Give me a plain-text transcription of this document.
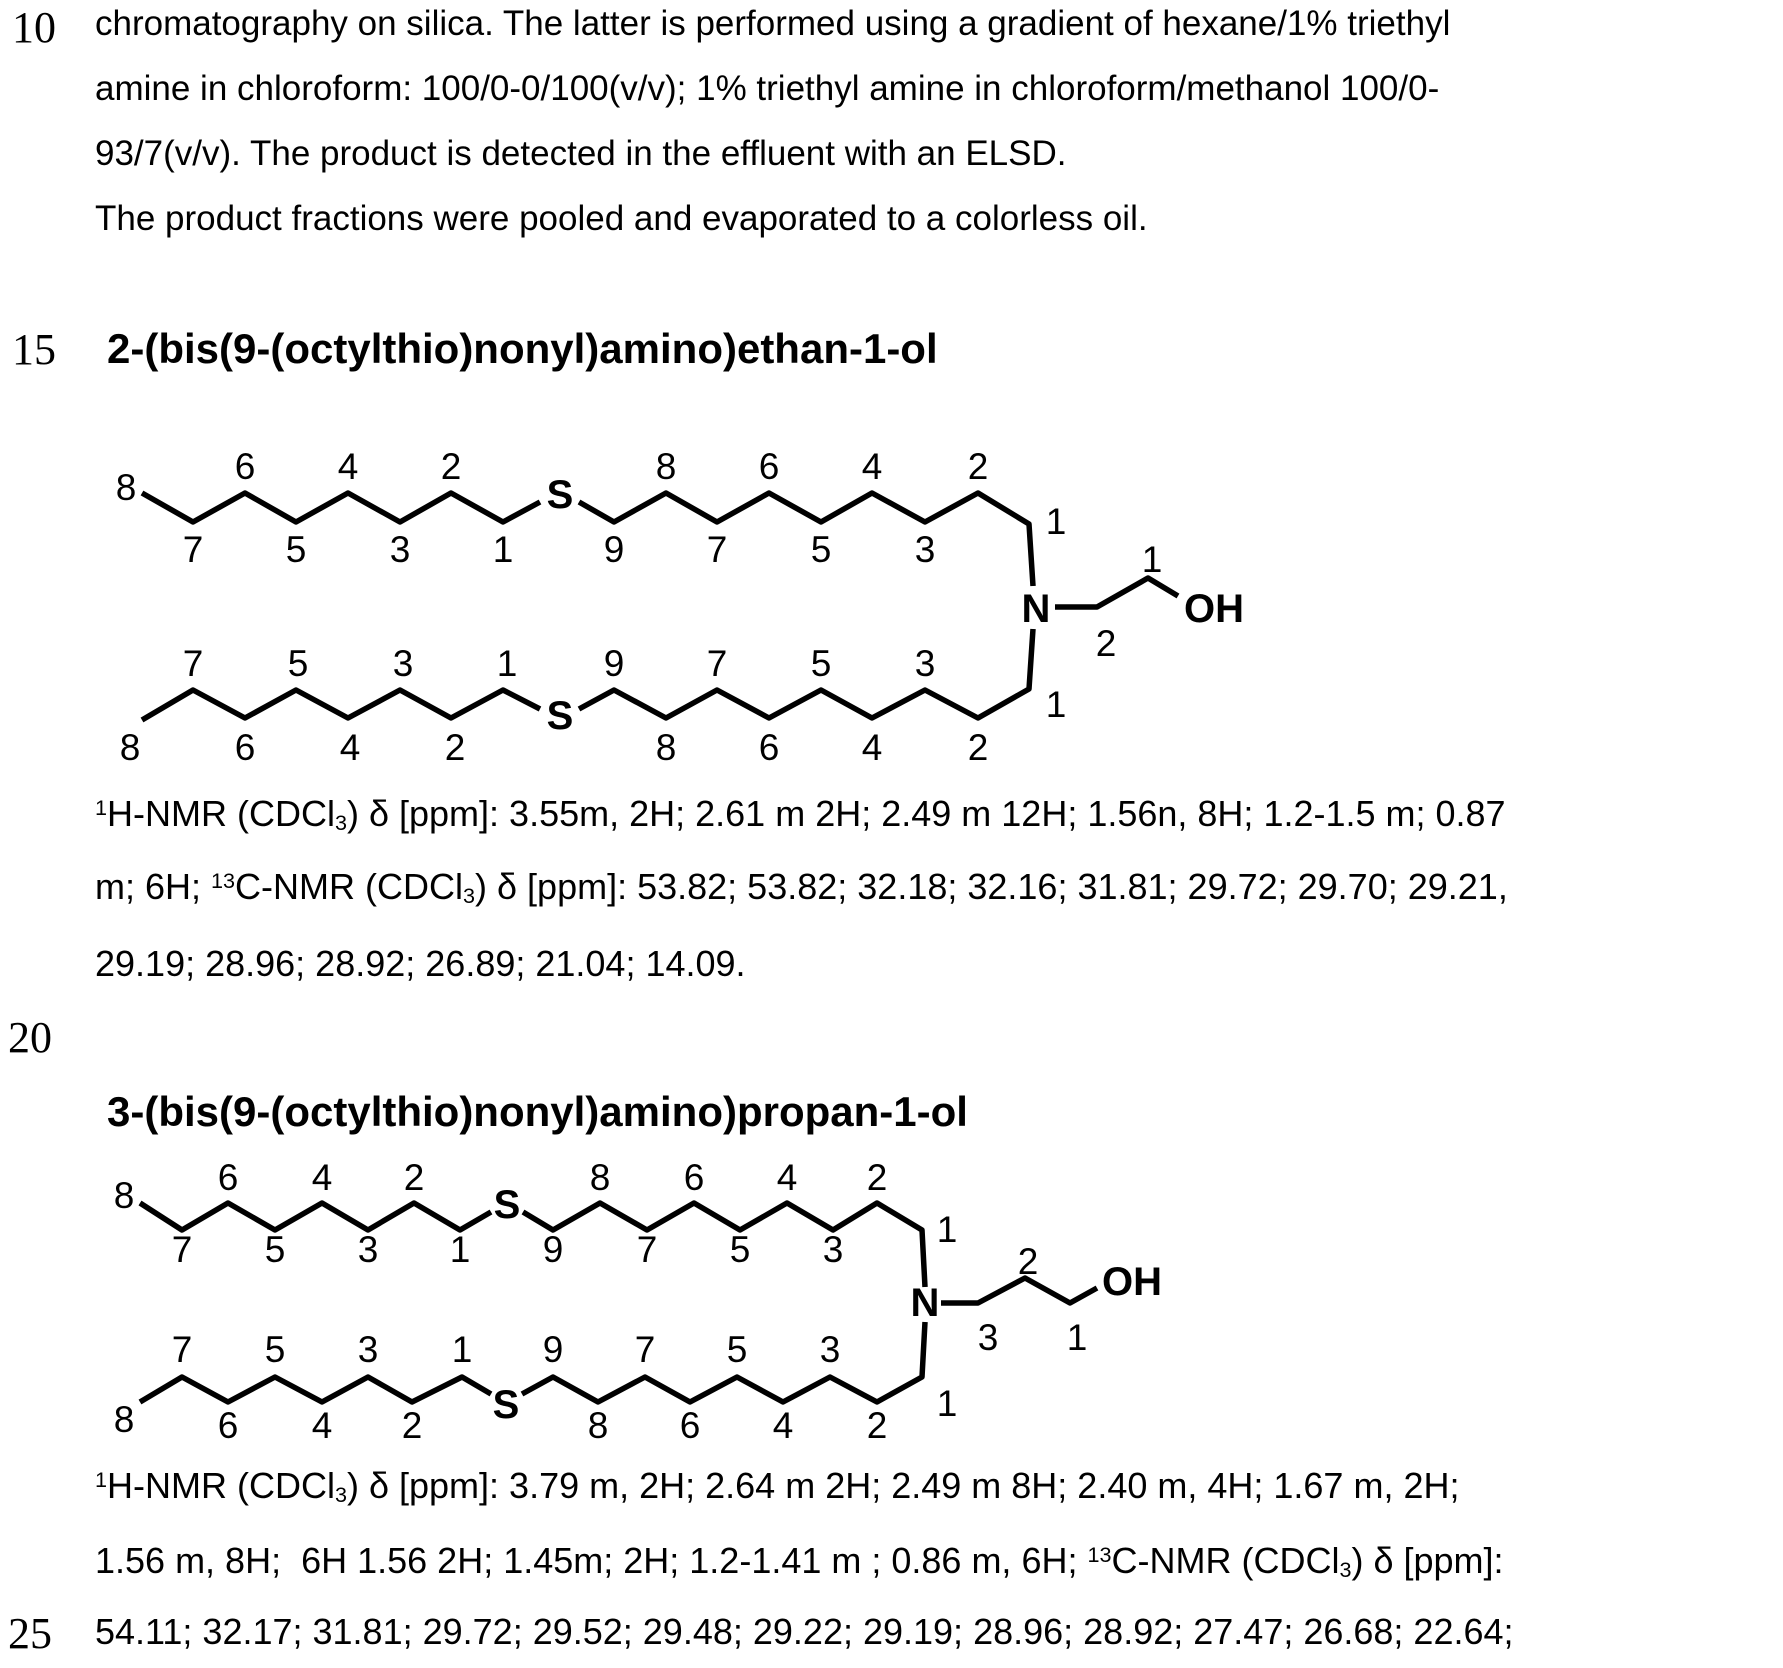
10
15
20
25
chromatography on silica. The latter is performed using a gradient of hexane/1% triethyl
amine in chloroform: 100/0-0/100(v/v); 1% triethyl amine in chloroform/methanol 100/0-
93/7(v/v). The product is detected in the effluent with an ELSD.
The product fractions were pooled and evaporated to a colorless oil.
2-(bis(9-(octylthio)nonyl)amino)ethan-1-ol
8
6 4 2	8 6 4 2
7 5 3 1 9 7 5 3
S
1
N
1
2
OH
8
7 5 3 1 9 7 5 3
6 4 2	8 6 4 2
S	1
$^1$H-NMR (CDCl$_3$) δ [ppm]: 3.55m, 2H; 2.61 m 2H; 2.49 m 12H; 1.56n, 8H; 1.2-1.5 m; 0.87
m; 6H; $^{13}$C-NMR (CDCl$_3$) δ [ppm]: 53.82; 53.82; 32.18; 32.16; 31.81; 29.72; 29.70; 29.21,
29.19; 28.96; 28.92; 26.89; 21.04; 14.09.
3-(bis(9-(octylthio)nonyl)amino)propan-1-ol
8 6 4 2	8 6 4 2
7 5 3 1 9 7 5 3
S
1
N
3
2
1
OH
8
7 5 3 1 9 7 5 3
6 4 2	8 6 4 2
S	1
$^1$H-NMR (CDCl$_3$) δ [ppm]: 3.79 m, 2H; 2.64 m 2H; 2.49 m 8H; 2.40 m, 4H; 1.67 m, 2H;
1.56 m, 8H;  6H 1.56 2H; 1.45m; 2H; 1.2-1.41 m ; 0.86 m, 6H; $^{13}$C-NMR (CDCl$_3$) δ [ppm]:
54.11; 32.17; 31.81; 29.72; 29.52; 29.48; 29.22; 29.19; 28.96; 28.92; 27.47; 26.68; 22.64;
